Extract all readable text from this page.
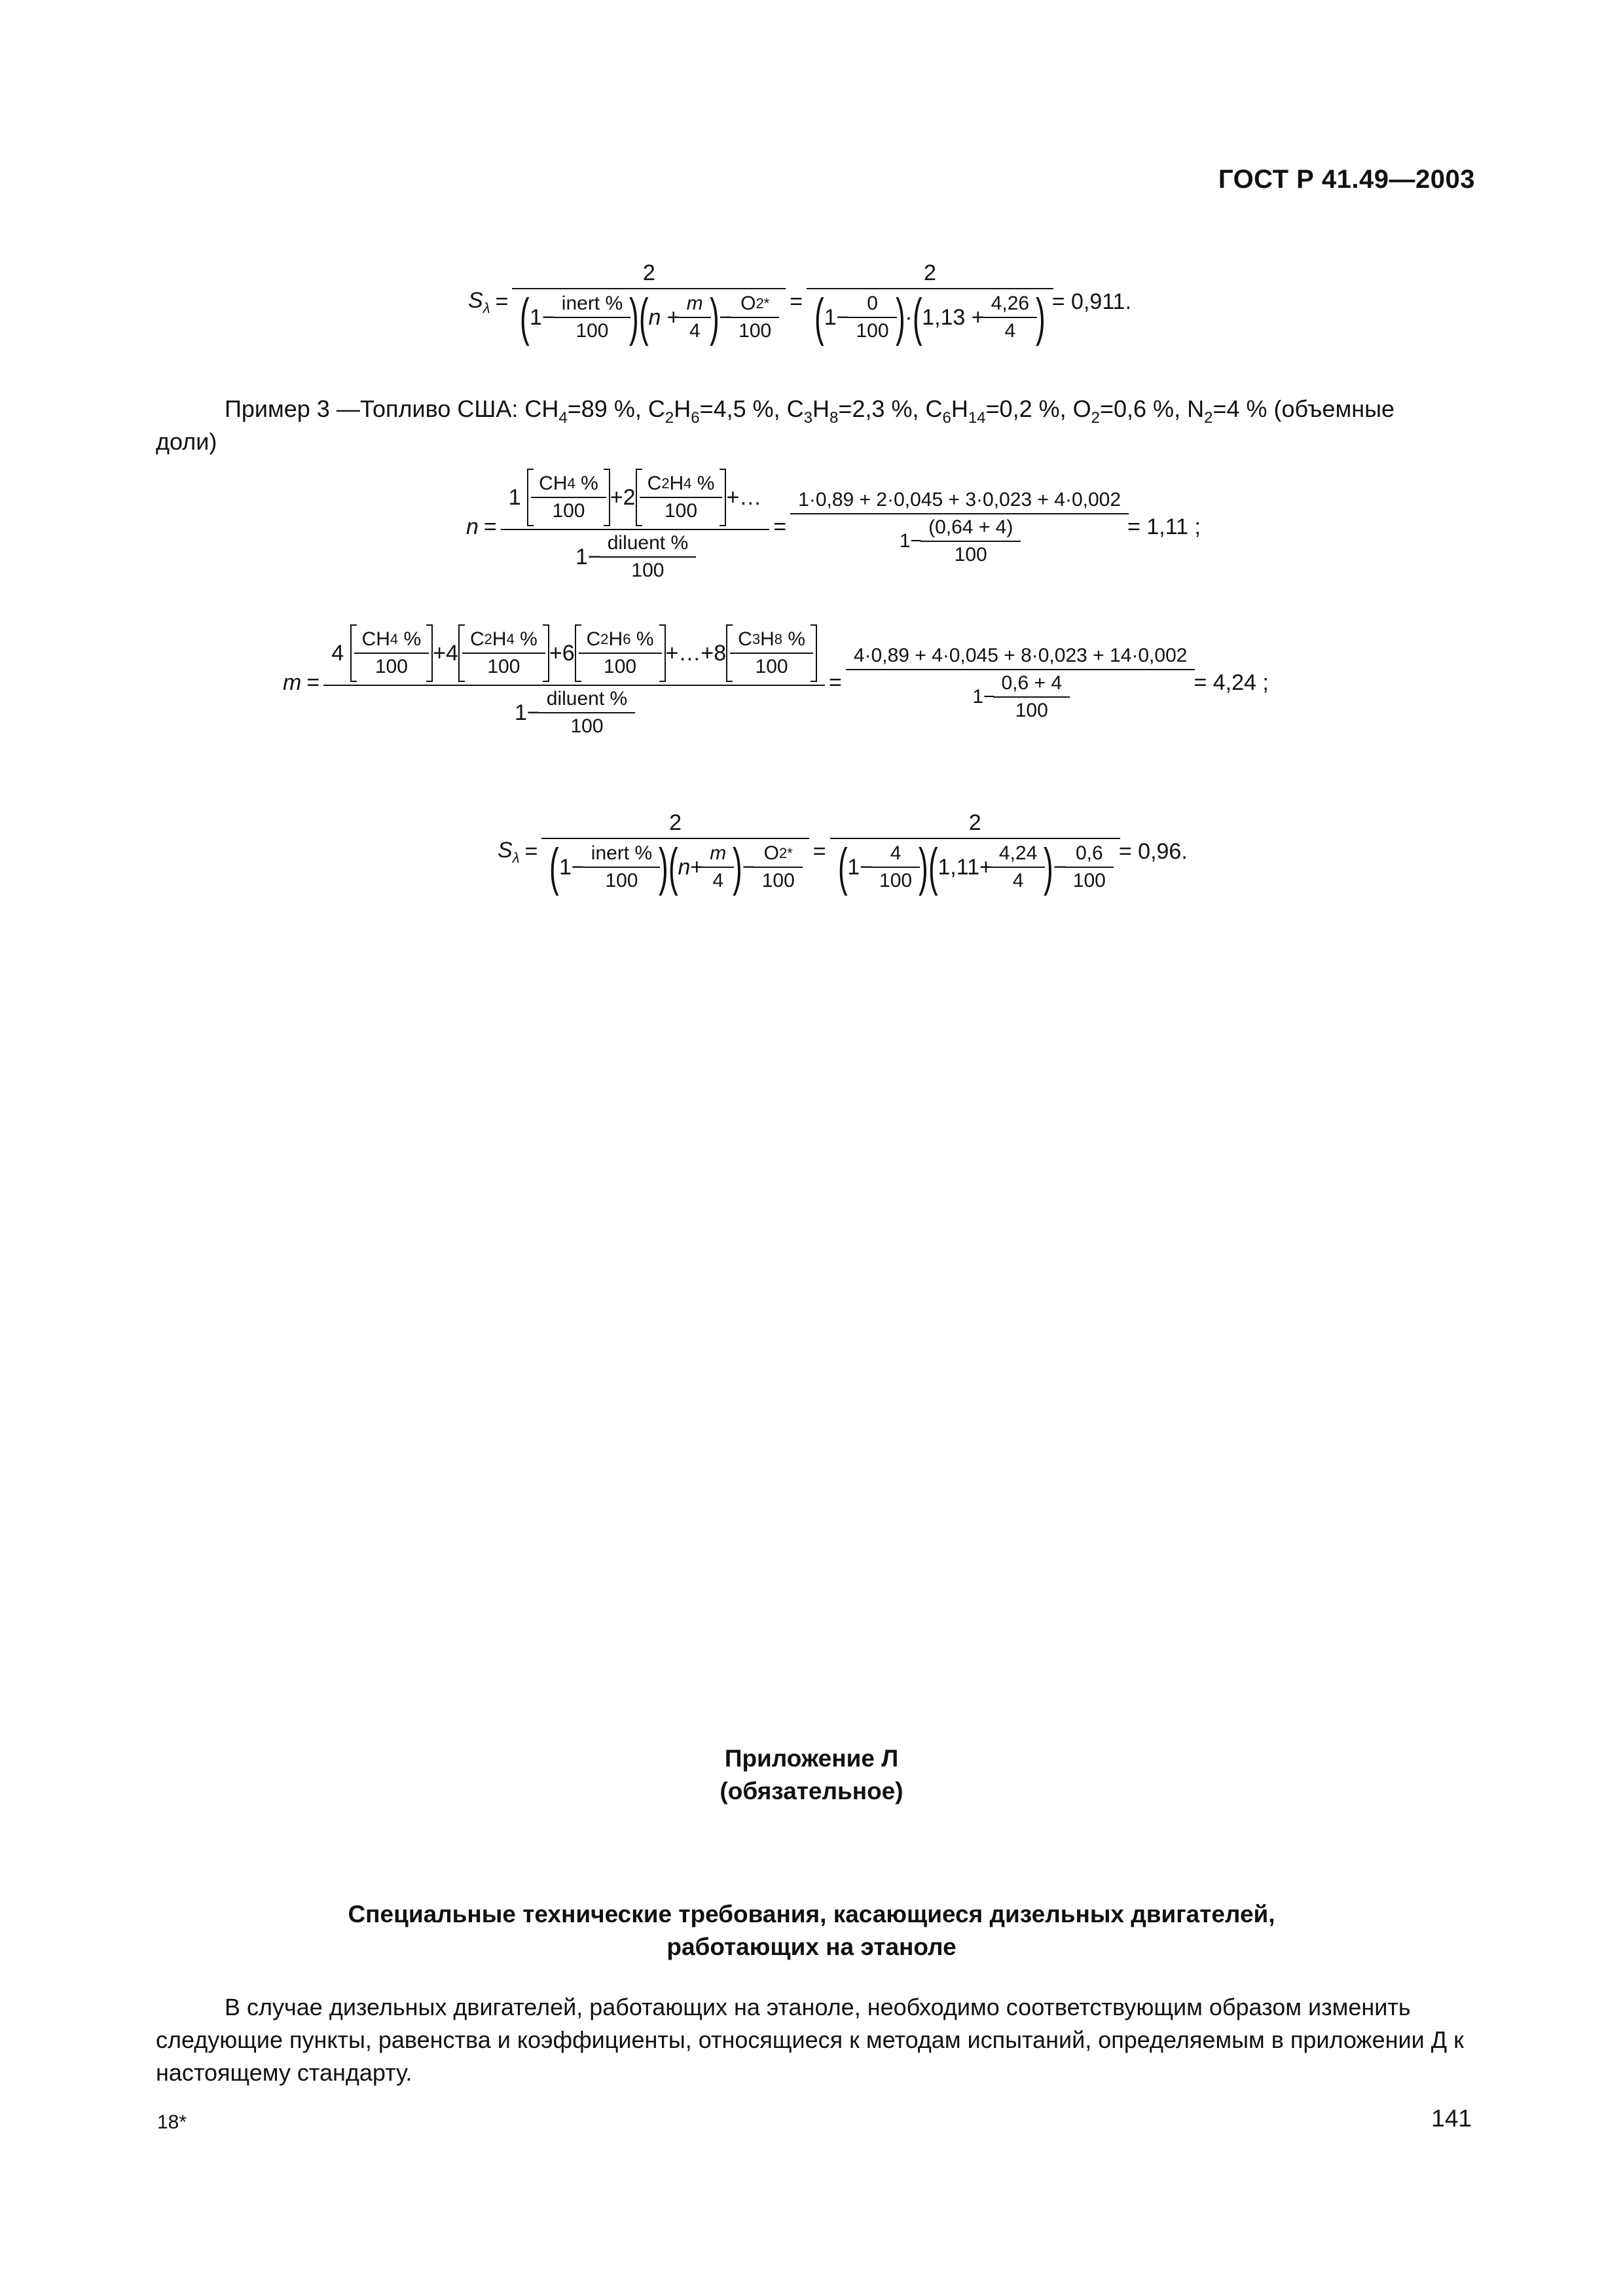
ГОСТ Р 41.49—2003
$S_\lambda = \frac{2}{( 1- \frac{\text{inert \%}}{100} ) ( n + \frac{m}{4} ) - \frac{O 2 *}{100}} = \frac{2}{( 1- \frac{0}{100} ) \cdot ( 1,13 + \frac{4,26}{4} )} = 0,911$.
Пример 3 —Топливо США: $CH_4=89$ %, $C_2H_6=4,5$ %, $C_3H_8=2,3$ %, $C_6H_{14}=0,2$ %, $O_2=0,6$ %, $N_2=4$ % (объемные

доли)
n = 1
CH 4
%
100 + 2 C 2 H 4
%
100 +…
$1 - \frac{\text{diluent \%}}{100} = \frac{1\cdot 0,89 + 2\cdot 0,045 + 3\cdot 0,023 + 4\cdot 0,002}{1 - \frac{(0,64 + 4)}{100}} = 1,11$ ;
m =
4
CH 4
%
100 + 4 C 2 H 4
%
100 + 6 C 2 H 6
%
100 +…+ 8 C 3 H 8
%
100
$1 - \frac{\text{diluent \%}}{100}$
= $\frac{4\cdot 0,89 + 4\cdot 0,045 + 8\cdot 0,023 + 14\cdot 0,002}{1 - \frac{0,6 + 4}{100}} = 4,24$ ;
$S_\lambda = \frac{2}{( 1- \frac{\text{inert \%}}{100} ) ( n + \frac{m}{4} ) - \frac{O 2 *}{100}} = \frac{2}{( 1- \frac{4}{100} ) ( 1,11 + \frac{4,24}{4} ) - \frac{0,6}{100}} = 0,96$.
Приложение Л
(обязательное)
Специальные технические требования, касающиеся дизельных двигателей,
работающих на этаноле
В случае дизельных двигателей, работающих на этаноле, необходимо соответствующим образом изменить следующие пункты, равенства и коэффициенты, относящиеся к методам испытаний, определяемым в приложении Д к настоящему стандарту.
18*	141
